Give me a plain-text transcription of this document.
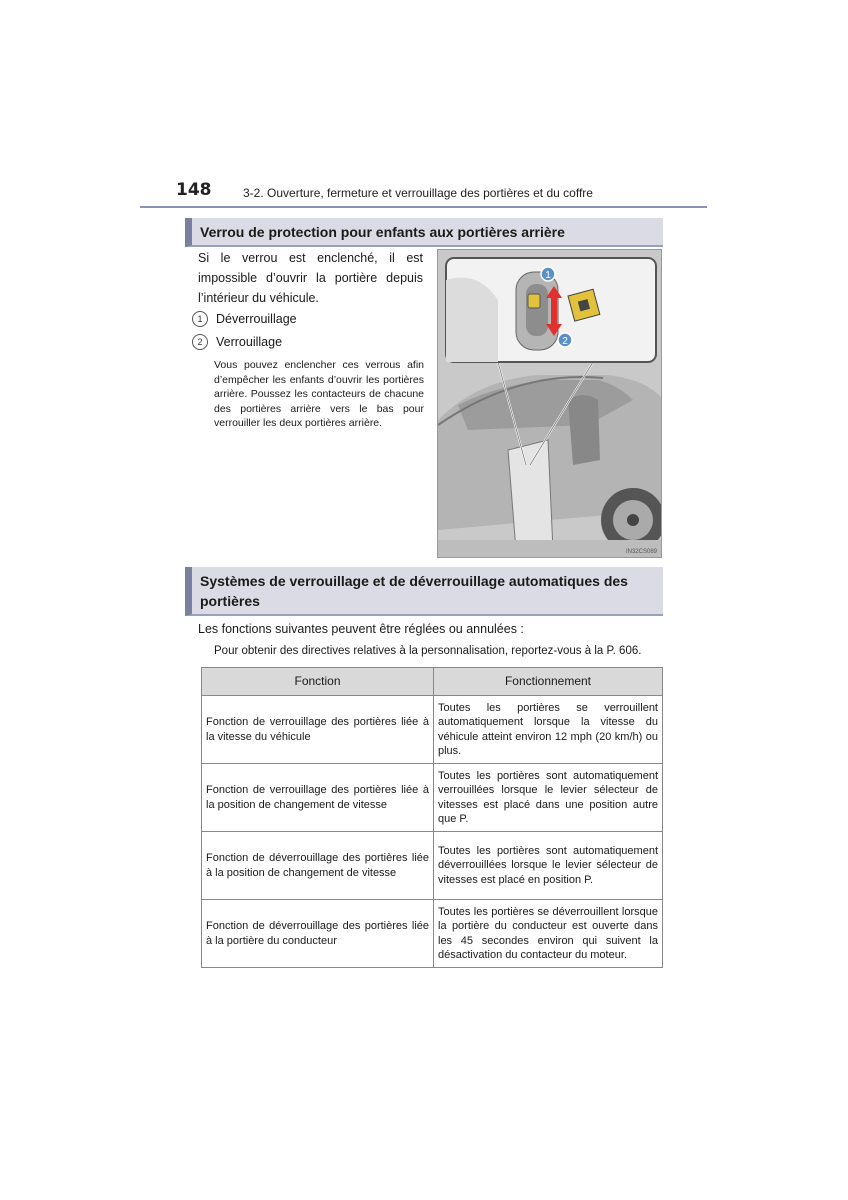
148	3-2. Ouverture, fermeture et verrouillage des portières et du coffre
Verrou de protection pour enfants aux portières arrière
Si le verrou est enclenché, il est impossible d’ouvrir la portière depuis l’intérieur du véhicule.
1	Déverrouillage
2	Verrouillage
Vous pouvez enclencher ces verrous afin d’empêcher les enfants d’ouvrir les portières arrière. Poussez les contacteurs de chacune des portières arrière vers le bas pour verrouiller les deux portières arrière.
1
2
IN32CS089
Systèmes de verrouillage et de déverrouillage automatiques des portières
Les fonctions suivantes peuvent être réglées ou annulées :
Pour obtenir des directives relatives à la personnalisation, reportez-vous à la P. 606.
Fonction	Fonctionnement
Fonction de verrouillage des portières liée à la vitesse du véhicule	Toutes les portières se verrouillent automatiquement lorsque la vitesse du véhicule atteint environ 12 mph (20 km/h) ou plus.
Fonction de verrouillage des portières liée à la position de changement de vitesse	Toutes les portières sont automatiquement verrouillées lorsque le levier sélecteur de vitesses est placé dans une position autre que P.
Fonction de déverrouillage des portières liée à la position de changement de vitesse	Toutes les portières sont automatiquement déverrouillées lorsque le levier sélecteur de vitesses est placé en position P.
Fonction de déverrouillage des portières liée à la portière du conducteur	Toutes les portières se déverrouillent lorsque la portière du conducteur est ouverte dans les 45 secondes environ qui suivent la désactivation du contacteur du moteur.
